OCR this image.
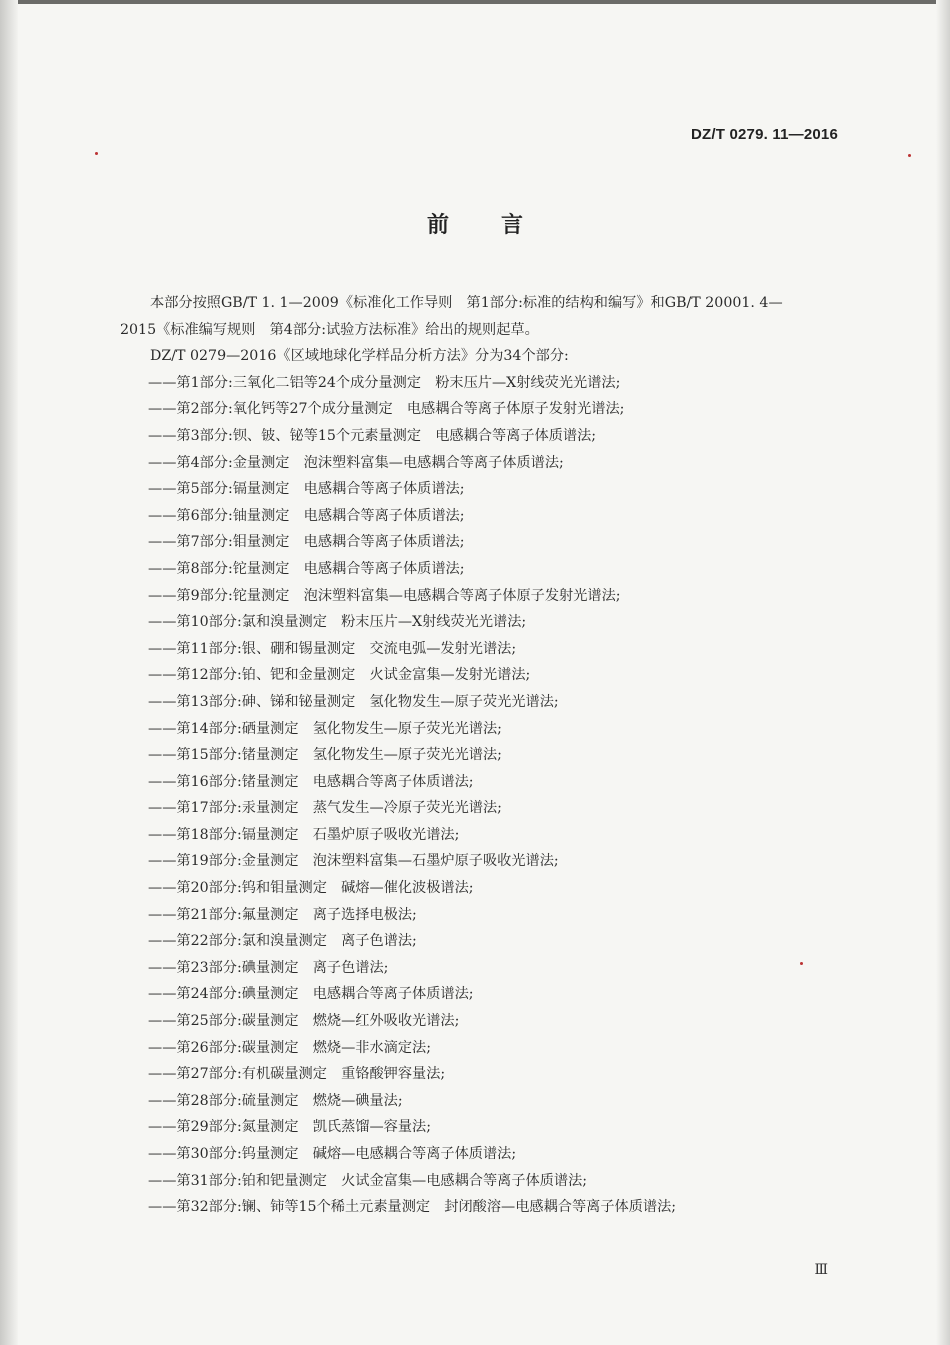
DZ/T 0279. 11—2016
前言

本部分按照GB/T 1. 1—2009《标准化工作导则　第1部分:标准的结构和编写》和GB/T 20001. 4—

2015《标准编写规则　第4部分:试验方法标准》给出的规则起草。

DZ/T 0279—2016《区域地球化学样品分析方法》分为34个部分:

——第1部分:三氧化二铝等24个成分量测定　粉末压片—X射线荧光光谱法;
——第2部分:氧化钙等27个成分量测定　电感耦合等离子体原子发射光谱法;
——第3部分:钡、铍、铋等15个元素量测定　电感耦合等离子体质谱法;
——第4部分:金量测定　泡沫塑料富集—电感耦合等离子体质谱法;
——第5部分:镉量测定　电感耦合等离子体质谱法;
——第6部分:铀量测定　电感耦合等离子体质谱法;
——第7部分:钼量测定　电感耦合等离子体质谱法;
——第8部分:铊量测定　电感耦合等离子体质谱法;
——第9部分:铊量测定　泡沫塑料富集—电感耦合等离子体原子发射光谱法;
——第10部分:氯和溴量测定　粉末压片—X射线荧光光谱法;
——第11部分:银、硼和锡量测定　交流电弧—发射光谱法;
——第12部分:铂、钯和金量测定　火试金富集—发射光谱法;
——第13部分:砷、锑和铋量测定　氢化物发生—原子荧光光谱法;
——第14部分:硒量测定　氢化物发生—原子荧光光谱法;
——第15部分:锗量测定　氢化物发生—原子荧光光谱法;
——第16部分:锗量测定　电感耦合等离子体质谱法;
——第17部分:汞量测定　蒸气发生—冷原子荧光光谱法;
——第18部分:镉量测定　石墨炉原子吸收光谱法;
——第19部分:金量测定　泡沫塑料富集—石墨炉原子吸收光谱法;
——第20部分:钨和钼量测定　碱熔—催化波极谱法;
——第21部分:氟量测定　离子选择电极法;
——第22部分:氯和溴量测定　离子色谱法;
——第23部分:碘量测定　离子色谱法;
——第24部分:碘量测定　电感耦合等离子体质谱法;
——第25部分:碳量测定　燃烧—红外吸收光谱法;
——第26部分:碳量测定　燃烧—非水滴定法;
——第27部分:有机碳量测定　重铬酸钾容量法;
——第28部分:硫量测定　燃烧—碘量法;
——第29部分:氮量测定　凯氏蒸馏—容量法;
——第30部分:钨量测定　碱熔—电感耦合等离子体质谱法;
——第31部分:铂和钯量测定　火试金富集—电感耦合等离子体质谱法;
——第32部分:镧、铈等15个稀土元素量测定　封闭酸溶—电感耦合等离子体质谱法;
Ⅲ
